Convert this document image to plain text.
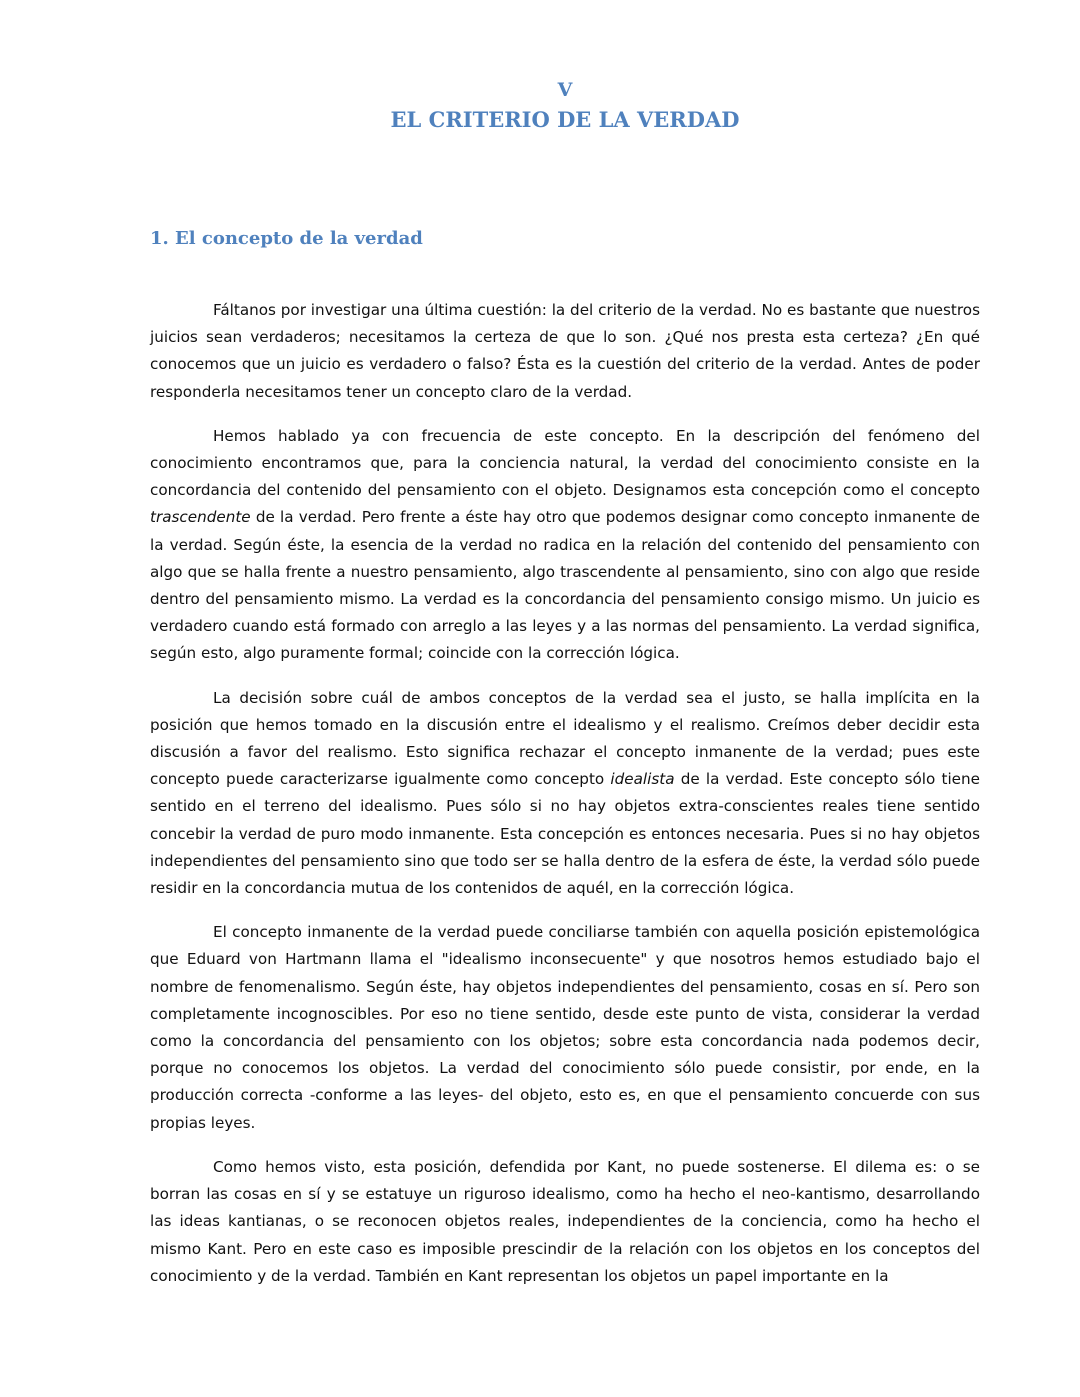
V
EL CRITERIO DE LA VERDAD
1. El concepto de la verdad

Fáltanos por investigar una última cuestión: la del criterio de la verdad. No es bastante que nuestros juicios sean verdaderos; necesitamos la certeza de que lo son. ¿Qué nos presta esta certeza? ¿En qué conocemos que un juicio es verdadero o falso? Ésta es la cuestión del criterio de la verdad. Antes de poder responderla necesitamos tener un concepto claro de la verdad.

Hemos hablado ya con frecuencia de este concepto. En la descripción del fenómeno del conocimiento encontramos que, para la conciencia natural, la verdad del conocimiento consiste en la concordancia del contenido del pensamiento con el objeto. Designamos esta concepción como el concepto trascendente de la verdad. Pero frente a éste hay otro que podemos designar como concepto inmanente de la verdad. Según éste, la esencia de la verdad no radica en la relación del contenido del pensamiento con algo que se halla frente a nuestro pensamiento, algo trascendente al pensamiento, sino con algo que reside dentro del pensamiento mismo. La verdad es la concordancia del pensamiento consigo mismo. Un juicio es verdadero cuando está formado con arreglo a las leyes y a las normas del pensamiento. La verdad significa, según esto, algo puramente formal; coincide con la corrección lógica.

La decisión sobre cuál de ambos conceptos de la verdad sea el justo, se halla implícita en la posición que hemos tomado en la discusión entre el idealismo y el realismo. Creímos deber decidir esta discusión a favor del realismo. Esto significa rechazar el concepto inmanente de la verdad; pues este concepto puede caracterizarse igualmente como concepto idealista de la verdad. Este concepto sólo tiene sentido en el terreno del idealismo. Pues sólo si no hay objetos extra-conscientes reales tiene sentido concebir la verdad de puro modo inmanente. Esta concepción es entonces necesaria. Pues si no hay objetos independientes del pensamiento sino que todo ser se halla dentro de la esfera de éste, la verdad sólo puede residir en la concordancia mutua de los contenidos de aquél, en la corrección lógica.

El concepto inmanente de la verdad puede conciliarse también con aquella posición epistemológica que Eduard von Hartmann llama el "idealismo inconsecuente" y que nosotros hemos estudiado bajo el nombre de fenomenalismo. Según éste, hay objetos independientes del pensamiento, cosas en sí. Pero son completamente incognoscibles. Por eso no tiene sentido, desde este punto de vista, considerar la verdad como la concordancia del pensamiento con los objetos; sobre esta concordancia nada podemos decir, porque no conocemos los objetos. La verdad del conocimiento sólo puede consistir, por ende, en la producción correcta -conforme a las leyes- del objeto, esto es, en que el pensamiento concuerde con sus propias leyes.

Como hemos visto, esta posición, defendida por Kant, no puede sostenerse. El dilema es: o se borran las cosas en sí y se estatuye un riguroso idealismo, como ha hecho el neo-kantismo, desarrollando las ideas kantianas, o se reconocen objetos reales, independientes de la conciencia, como ha hecho el mismo Kant. Pero en este caso es imposible prescindir de la relación con los objetos en los conceptos del conocimiento y de la verdad. También en Kant representan los objetos un papel importante en la
